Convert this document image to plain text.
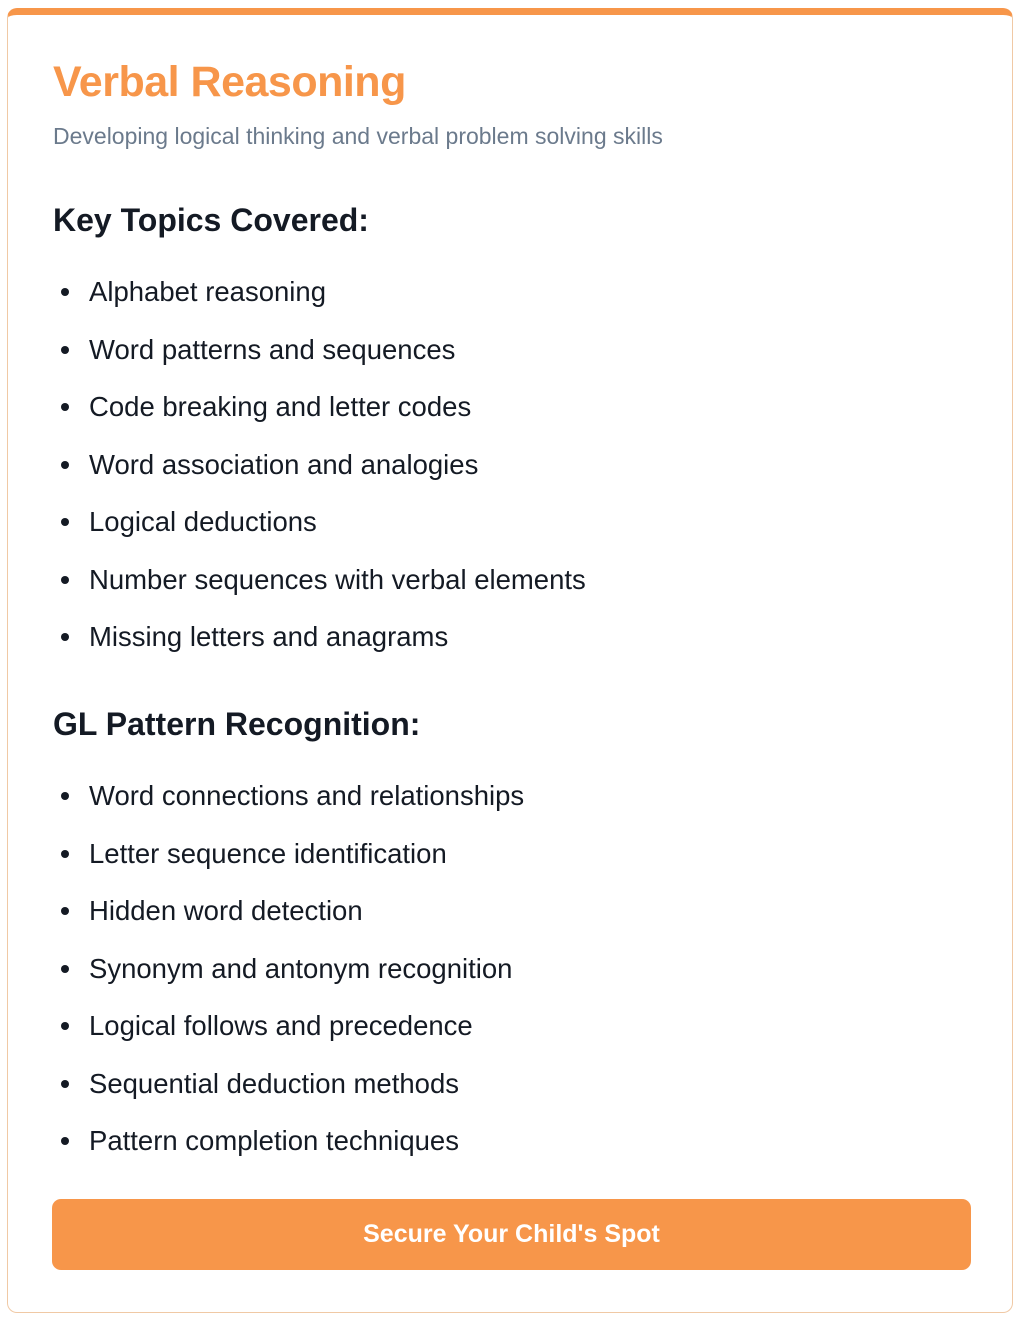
Verbal Reasoning

Developing logical thinking and verbal problem solving skills

Key Topics Covered:
Alphabet reasoning
Word patterns and sequences
Code breaking and letter codes
Word association and analogies
Logical deductions
Number sequences with verbal elements
Missing letters and anagrams
GL Pattern Recognition:
Word connections and relationships
Letter sequence identification
Hidden word detection
Synonym and antonym recognition
Logical follows and precedence
Sequential deduction methods
Pattern completion techniques
Secure Your Child's Spot
